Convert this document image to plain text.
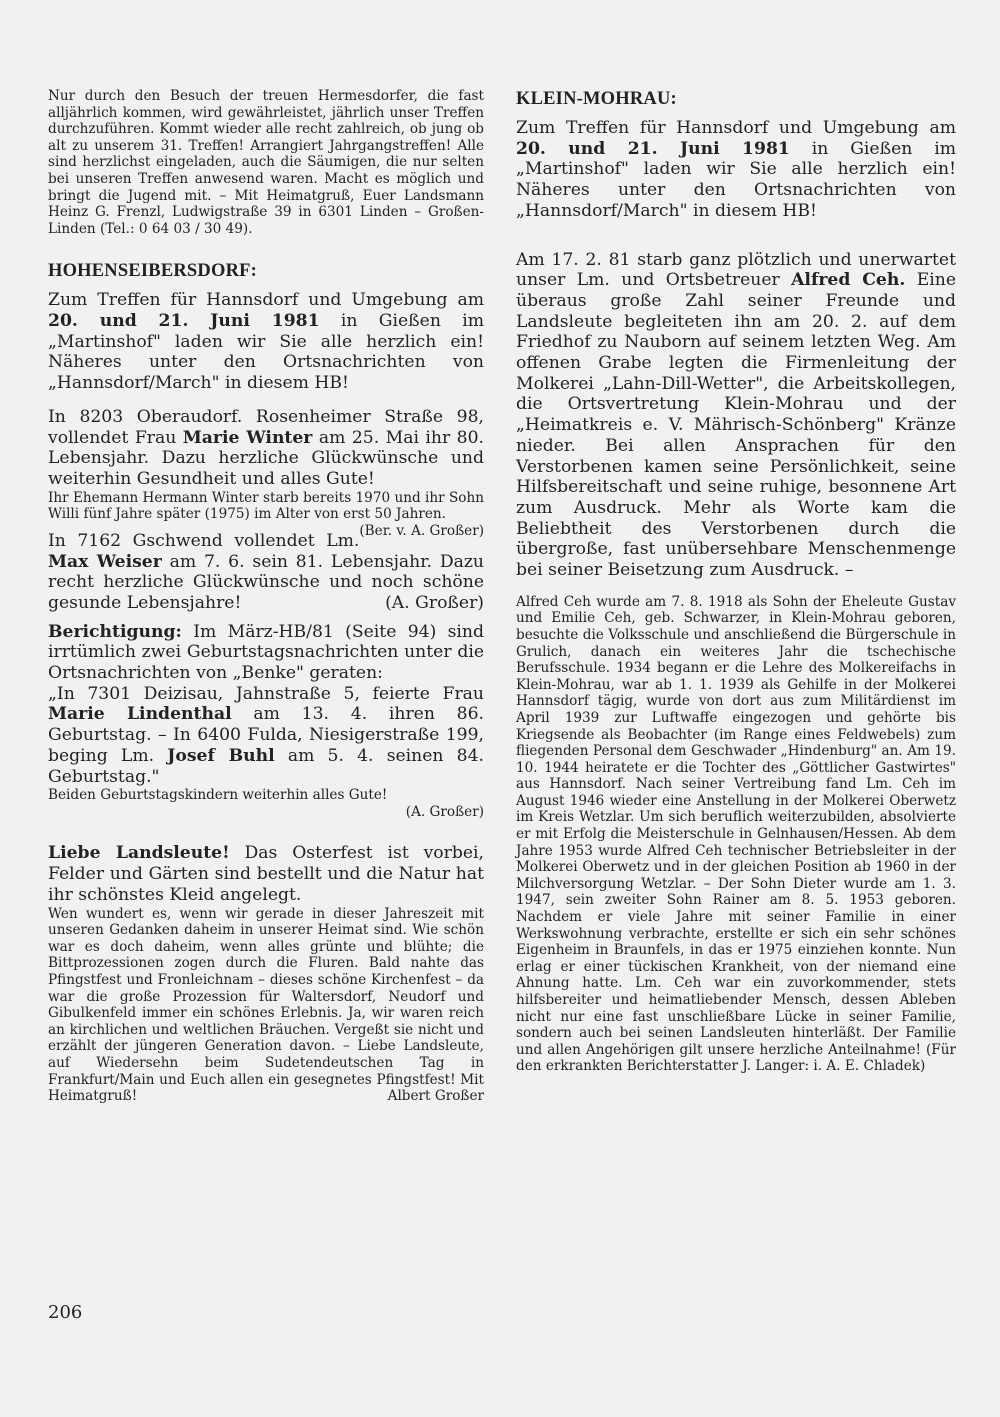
Nur durch den Besuch der treuen Hermesdorfer, die fast alljährlich kommen, wird gewährleistet, jährlich unser Treffen durchzuführen. Kommt wieder alle recht zahlreich, ob jung ob alt zu unserem 31. Treffen! Arrangiert Jahrgangstreffen! Alle sind herzlichst eingeladen, auch die Säumigen, die nur selten bei unseren Treffen anwesend waren. Macht es möglich und bringt die Jugend mit. – Mit Heimatgruß, Euer Landsmann Heinz G. Frenzl, Ludwigstraße 39 in 6301 Linden – Großen-Linden (Tel.: 0 64 03 / 30 49).

HOHENSEIBERSDORF:

Zum Treffen für Hannsdorf und Umgebung am 20. und 21. Juni 1981 in Gießen im „Martinshof" laden wir Sie alle herzlich ein! Näheres unter den Ortsnachrichten von „Hannsdorf/March" in diesem HB!

In 8203 Oberaudorf. Rosenheimer Straße 98, vollendet Frau Marie Winter am 25. Mai ihr 80. Lebensjahr. Dazu herzliche Glückwünsche und weiterhin Gesundheit und alles Gute!

Ihr Ehemann Hermann Winter starb bereits 1970 und ihr Sohn Willi fünf Jahre später (1975) im Alter von erst 50 Jahren.
(Ber. v. A. Großer)

In 7162 Gschwend vollendet Lm. Max Weiser am 7. 6. sein 81. Lebensjahr. Dazu recht herzliche Glückwünsche und noch schöne gesunde Lebensjahre!	(A. Großer)

Berichtigung: Im März-HB/81 (Seite 94) sind irrtümlich zwei Geburtstagsnachrichten unter die Ortsnachrichten von „Benke" geraten:

„In 7301 Deizisau, Jahnstraße 5, feierte Frau Marie Lindenthal am 13. 4. ihren 86. Geburtstag. – In 6400 Fulda, Niesigerstraße 199, beging Lm. Josef Buhl am 5. 4. seinen 84. Geburtstag."

Beiden Geburtstagskindern weiterhin alles Gute!

(A. Großer)

Liebe Landsleute! Das Osterfest ist vorbei, Felder und Gärten sind bestellt und die Natur hat ihr schönstes Kleid angelegt.

Wen wundert es, wenn wir gerade in dieser Jahreszeit mit unseren Gedanken daheim in unserer Heimat sind. Wie schön war es doch daheim, wenn alles grünte und blühte; die Bittprozessionen zogen durch die Fluren. Bald nahte das Pfingstfest und Fronleichnam – dieses schöne Kirchenfest – da war die große Prozession für Waltersdorf, Neudorf und Gibulkenfeld immer ein schönes Erlebnis. Ja, wir waren reich an kirchlichen und weltlichen Bräuchen. Vergeßt sie nicht und erzählt der jüngeren Generation davon. – Liebe Landsleute, auf Wiedersehn beim Sudetendeutschen Tag in Frankfurt/Main und Euch allen ein gesegnetes Pfingstfest! Mit Heimatgruß!	Albert Großer

KLEIN-MOHRAU:

Zum Treffen für Hannsdorf und Umgebung am 20. und 21. Juni 1981 in Gießen im „Martinshof" laden wir Sie alle herzlich ein! Näheres unter den Ortsnachrichten von „Hannsdorf/March" in diesem HB!

Am 17. 2. 81 starb ganz plötzlich und unerwartet unser Lm. und Ortsbetreuer Alfred Ceh. Eine überaus große Zahl seiner Freunde und Landsleute begleiteten ihn am 20. 2. auf dem Friedhof zu Nauborn auf seinem letzten Weg. Am offenen Grabe legten die Firmenleitung der Molkerei „Lahn-Dill-Wetter", die Arbeitskollegen, die Ortsvertretung Klein-Mohrau und der „Heimatkreis e. V. Mährisch-Schönberg" Kränze nieder. Bei allen Ansprachen für den Verstorbenen kamen seine Persönlichkeit, seine Hilfsbereitschaft und seine ruhige, besonnene Art zum Ausdruck. Mehr als Worte kam die Beliebtheit des Verstorbenen durch die übergroße, fast unübersehbare Menschenmenge bei seiner Beisetzung zum Ausdruck. –

Alfred Ceh wurde am 7. 8. 1918 als Sohn der Eheleute Gustav und Emilie Ceh, geb. Schwarzer, in Klein-Mohrau geboren, besuchte die Volksschule und anschließend die Bürgerschule in Grulich, danach ein weiteres Jahr die tschechische Berufsschule. 1934 begann er die Lehre des Molkereifachs in Klein-Mohrau, war ab 1. 1. 1939 als Gehilfe in der Molkerei Hannsdorf tägig, wurde von dort aus zum Militärdienst im April 1939 zur Luftwaffe eingezogen und gehörte bis Kriegsende als Beobachter (im Range eines Feldwebels) zum fliegenden Personal dem Geschwader „Hindenburg" an. Am 19. 10. 1944 heiratete er die Tochter des „Göttlicher Gastwirtes" aus Hannsdorf. Nach seiner Vertreibung fand Lm. Ceh im August 1946 wieder eine Anstellung in der Molkerei Oberwetz im Kreis Wetzlar. Um sich beruflich weiterzubilden, absolvierte er mit Erfolg die Meisterschule in Gelnhausen/Hessen. Ab dem Jahre 1953 wurde Alfred Ceh technischer Betriebsleiter in der Molkerei Oberwetz und in der gleichen Position ab 1960 in der Milchversorgung Wetzlar. – Der Sohn Dieter wurde am 1. 3. 1947, sein zweiter Sohn Rainer am 8. 5. 1953 geboren. Nachdem er viele Jahre mit seiner Familie in einer Werkswohnung verbrachte, erstellte er sich ein sehr schönes Eigenheim in Braunfels, in das er 1975 einziehen konnte. Nun erlag er einer tückischen Krankheit, von der niemand eine Ahnung hatte. Lm. Ceh war ein zuvorkommender, stets hilfsbereiter und heimatliebender Mensch, dessen Ableben nicht nur eine fast unschließbare Lücke in seiner Familie, sondern auch bei seinen Landsleuten hinterläßt. Der Familie und allen Angehörigen gilt unsere herzliche Anteilnahme! (Für den erkrankten Berichterstatter J. Langer: i. A. E. Chladek)

206
